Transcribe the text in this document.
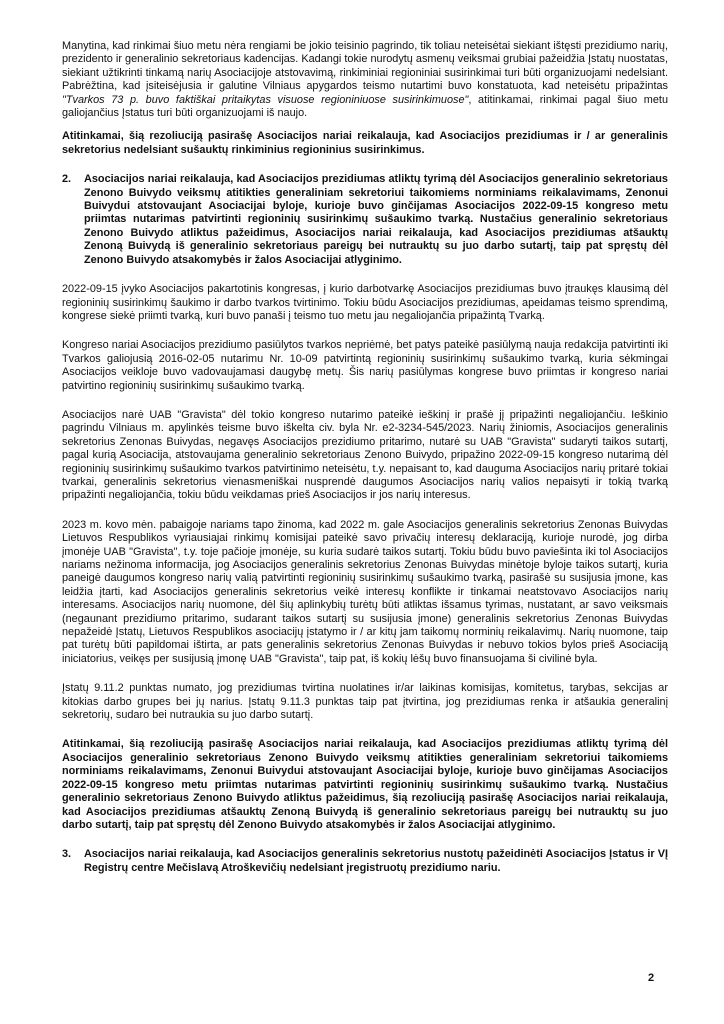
Manytina, kad rinkimai šiuo metu nėra rengiami be jokio teisinio pagrindo, tik toliau neteisėtai siekiant ištęsti prezidiumo narių, prezidento ir generalinio sekretoriaus kadencijas. Kadangi tokie nurodytų asmenų veiksmai grubiai pažeidžia Įstatų nuostatas, siekiant užtikrinti tinkamą narių Asociacijoje atstovavimą, rinkiminiai regioniniai susirinkimai turi būti organizuojami nedelsiant. Pabrėžtina, kad įsiteisėjusia ir galutine Vilniaus apygardos teismo nutartimi buvo konstatuota, kad neteisėtu pripažintas "Tvarkos 73 p. buvo faktiškai pritaikytas visuose regioniniuose susirinkimuose", atitinkamai, rinkimai pagal šiuo metu galiojančius Įstatus turi būti organizuojami iš naujo.

Atitinkamai, šią rezoliuciją pasirašę Asociacijos nariai reikalauja, kad Asociacijos prezidiumas ir / ar generalinis sekretorius nedelsiant sušauktų rinkiminius regioninius susirinkimus.

2.	Asociacijos nariai reikalauja, kad Asociacijos prezidiumas atliktų tyrimą dėl Asociacijos generalinio sekretoriaus Zenono Buivydo veiksmų atitikties generaliniam sekretoriui taikomiems norminiams reikalavimams, Zenonui Buivydui atstovaujant Asociacijai byloje, kurioje buvo ginčijamas Asociacijos 2022-09-15 kongreso metu priimtas nutarimas patvirtinti regioninių susirinkimų sušaukimo tvarką. Nustačius generalinio sekretoriaus Zenono Buivydo atliktus pažeidimus, Asociacijos nariai reikalauja, kad Asociacijos prezidiumas atšauktų Zenoną Buivydą iš generalinio sekretoriaus pareigų bei nutrauktų su juo darbo sutartį, taip pat spręstų dėl Zenono Buivydo atsakomybės ir žalos Asociacijai atlyginimo.

2022-09-15 įvyko Asociacijos pakartotinis kongresas, į kurio darbotvarkę Asociacijos prezidiumas buvo įtraukęs klausimą dėl regioninių susirinkimų šaukimo ir darbo tvarkos tvirtinimo. Tokiu būdu Asociacijos prezidiumas, apeidamas teismo sprendimą, kongrese siekė priimti tvarką, kuri buvo panaši į teismo tuo metu jau negaliojančia pripažintą Tvarką.

Kongreso nariai Asociacijos prezidiumo pasiūlytos tvarkos nepriėmė, bet patys pateikė pasiūlymą nauja redakcija patvirtinti iki Tvarkos galiojusią 2016-02-05 nutarimu Nr. 10-09 patvirtintą regioninių susirinkimų sušaukimo tvarką, kuria sėkmingai Asociacijos veikloje buvo vadovaujamasi daugybę metų. Šis narių pasiūlymas kongrese buvo priimtas ir kongreso nariai patvirtino regioninių susirinkimų sušaukimo tvarką.

Asociacijos narė UAB "Gravista" dėl tokio kongreso nutarimo pateikė ieškinį ir prašė jį pripažinti negaliojančiu. Ieškinio pagrindu Vilniaus m. apylinkės teisme buvo iškelta civ. byla Nr. e2-3234-545/2023. Narių žiniomis, Asociacijos generalinis sekretorius Zenonas Buivydas, negavęs Asociacijos prezidiumo pritarimo, nutarė su UAB "Gravista" sudaryti taikos sutartį, pagal kurią Asociacija, atstovaujama generalinio sekretoriaus Zenono Buivydo, pripažino 2022-09-15 kongreso nutarimą dėl regioninių susirinkimų sušaukimo tvarkos patvirtinimo neteisėtu, t.y. nepaisant to, kad dauguma Asociacijos narių pritarė tokiai tvarkai, generalinis sekretorius vienasmeniškai nusprendė daugumos Asociacijos narių valios nepaisyti ir tokią tvarką pripažinti negaliojančia, tokiu būdu veikdamas prieš Asociacijos ir jos narių interesus.

2023 m. kovo mėn. pabaigoje nariams tapo žinoma, kad 2022 m. gale Asociacijos generalinis sekretorius Zenonas Buivydas Lietuvos Respublikos vyriausiajai rinkimų komisijai pateikė savo privačių interesų deklaraciją, kurioje nurodė, jog dirba įmonėje UAB "Gravista", t.y. toje pačioje įmonėje, su kuria sudarė taikos sutartį. Tokiu būdu buvo paviešinta iki tol Asociacijos nariams nežinoma informacija, jog Asociacijos generalinis sekretorius Zenonas Buivydas minėtoje byloje taikos sutartį, kuria paneigė daugumos kongreso narių valią patvirtinti regioninių susirinkimų sušaukimo tvarką, pasirašė su susijusia įmone, kas leidžia įtarti, kad Asociacijos generalinis sekretorius veikė interesų konflikte ir tinkamai neatstovavo Asociacijos narių interesams. Asociacijos narių nuomone, dėl šių aplinkybių turėtų būti atliktas išsamus tyrimas, nustatant, ar savo veiksmais (negaunant prezidiumo pritarimo, sudarant taikos sutartį su susijusia įmone) generalinis sekretorius Zenonas Buivydas nepažeidė Įstatų, Lietuvos Respublikos asociacijų įstatymo ir / ar kitų jam taikomų norminių reikalavimų. Narių nuomone, taip pat turėtų būti papildomai ištirta, ar pats generalinis sekretorius Zenonas Buivydas ir nebuvo tokios bylos prieš Asociaciją iniciatorius, veikęs per susijusią įmonę UAB "Gravista", taip pat, iš kokių lėšų buvo finansuojama ši civilinė byla.

Įstatų 9.11.2 punktas numato, jog prezidiumas tvirtina nuolatines ir/ar laikinas komisijas, komitetus, tarybas, sekcijas ar kitokias darbo grupes bei jų narius. Įstatų 9.11.3 punktas taip pat įtvirtina, jog prezidiumas renka ir atšaukia generalinį sekretorių, sudaro bei nutraukia su juo darbo sutartį.

Atitinkamai, šią rezoliuciją pasirašę Asociacijos nariai reikalauja, kad Asociacijos prezidiumas atliktų tyrimą dėl Asociacijos generalinio sekretoriaus Zenono Buivydo veiksmų atitikties generaliniam sekretoriui taikomiems norminiams reikalavimams, Zenonui Buivydui atstovaujant Asociacijai byloje, kurioje buvo ginčijamas Asociacijos 2022-09-15 kongreso metu priimtas nutarimas patvirtinti regioninių susirinkimų sušaukimo tvarką. Nustačius generalinio sekretoriaus Zenono Buivydo atliktus pažeidimus, šią rezoliuciją pasirašę Asociacijos nariai reikalauja, kad Asociacijos prezidiumas atšauktų Zenoną Buivydą iš generalinio sekretoriaus pareigų bei nutrauktų su juo darbo sutartį, taip pat spręstų dėl Zenono Buivydo atsakomybės ir žalos Asociacijai atlyginimo.

3.	Asociacijos nariai reikalauja, kad Asociacijos generalinis sekretorius nustotų pažeidinėti Asociacijos Įstatus ir VĮ Registrų centre Mečislavą Atroškevičių nedelsiant įregistruotų prezidiumo nariu.
2
